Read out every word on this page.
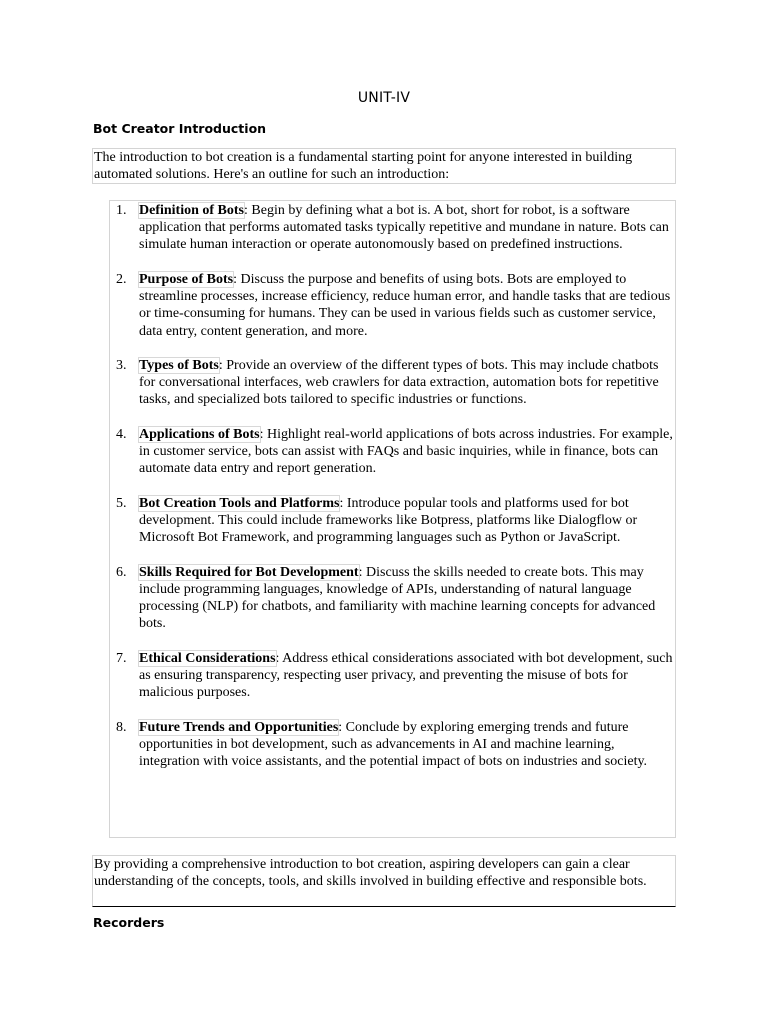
UNIT-IV
Bot Creator Introduction

The introduction to bot creation is a fundamental starting point for anyone interested in building automated solutions. Here's an outline for such an introduction:

1. Definition of Bots: Begin by defining what a bot is. A bot, short for robot, is a software application that performs automated tasks typically repetitive and mundane in nature. Bots can simulate human interaction or operate autonomously based on predefined instructions.
2. Purpose of Bots: Discuss the purpose and benefits of using bots. Bots are employed to streamline processes, increase efficiency, reduce human error, and handle tasks that are tedious or time-consuming for humans. They can be used in various fields such as customer service, data entry, content generation, and more.
3. Types of Bots: Provide an overview of the different types of bots. This may include chatbots for conversational interfaces, web crawlers for data extraction, automation bots for repetitive tasks, and specialized bots tailored to specific industries or functions.
4. Applications of Bots: Highlight real-world applications of bots across industries. For example, in customer service, bots can assist with FAQs and basic inquiries, while in finance, bots can automate data entry and report generation.
5. Bot Creation Tools and Platforms: Introduce popular tools and platforms used for bot development. This could include frameworks like Botpress, platforms like Dialogflow or Microsoft Bot Framework, and programming languages such as Python or JavaScript.
6. Skills Required for Bot Development: Discuss the skills needed to create bots. This may include programming languages, knowledge of APIs, understanding of natural language processing (NLP) for chatbots, and familiarity with machine learning concepts for advanced bots.
7. Ethical Considerations: Address ethical considerations associated with bot development, such as ensuring transparency, respecting user privacy, and preventing the misuse of bots for malicious purposes.
8. Future Trends and Opportunities: Conclude by exploring emerging trends and future opportunities in bot development, such as advancements in AI and machine learning, integration with voice assistants, and the potential impact of bots on industries and society.

By providing a comprehensive introduction to bot creation, aspiring developers can gain a clear understanding of the concepts, tools, and skills involved in building effective and responsible bots.

Recorders
